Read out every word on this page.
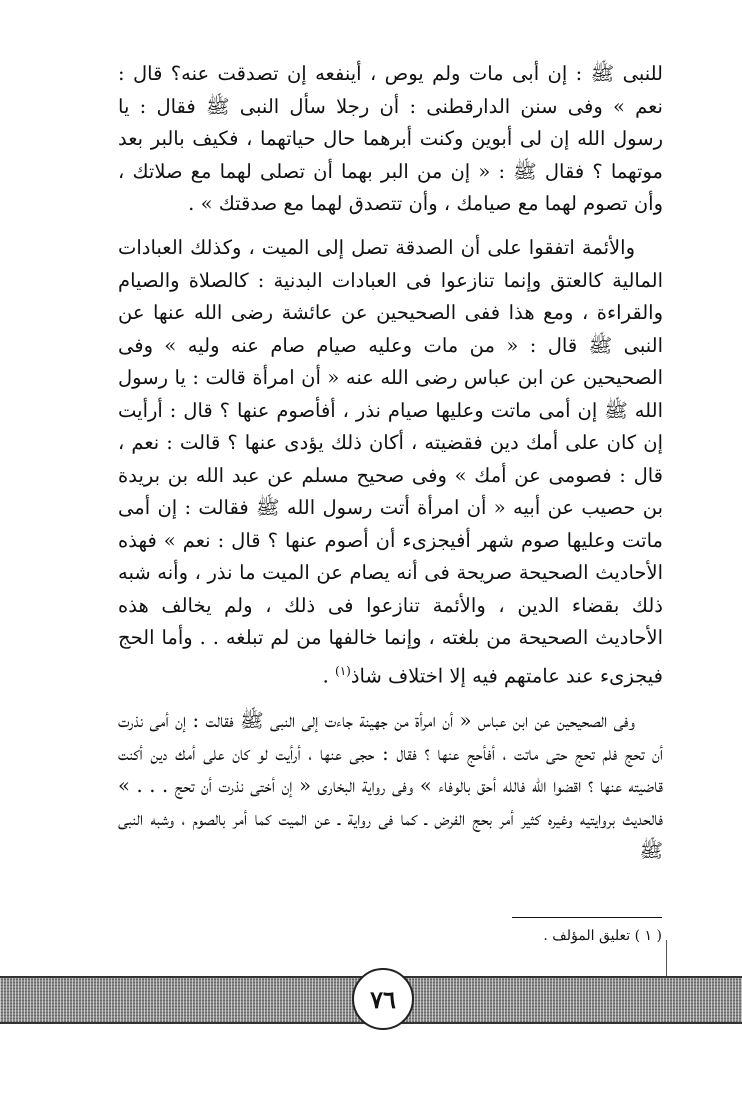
للنبى ﷺ : إن أبى مات ولم يوص ، أينفعه إن تصدقت عنه؟ قال : نعم » وفى سنن الدارقطنى : أن رجلا سأل النبى ﷺ فقال : يا رسول الله إن لى أبوين وكنت أبرهما حال حياتهما ، فكيف بالبر بعد موتهما ؟ فقال ﷺ : « إن من البر بهما أن تصلى لهما مع صلاتك ، وأن تصوم لهما مع صيامك ، وأن تتصدق لهما مع صدقتك » .

والأئمة اتفقوا على أن الصدقة تصل إلى الميت ، وكذلك العبادات المالية كالعتق وإنما تنازعوا فى العبادات البدنية : كالصلاة والصيام والقراءة ، ومع هذا ففى الصحيحين عن عائشة رضى الله عنها عن النبى ﷺ قال : « من مات وعليه صيام صام عنه وليه » وفى الصحيحين عن ابن عباس رضى الله عنه « أن امرأة قالت : يا رسول الله ﷺ إن أمى ماتت وعليها صيام نذر ، أفأصوم عنها ؟ قال : أرأيت إن كان على أمك دين فقضيته ، أكان ذلك يؤدى عنها ؟ قالت : نعم ، قال : فصومى عن أمك » وفى صحيح مسلم عن عبد الله بن بريدة بن حصيب عن أبيه « أن امرأة أتت رسول الله ﷺ فقالت : إن أمى ماتت وعليها صوم شهر أفيجزىء أن أصوم عنها ؟ قال : نعم » فهذه الأحاديث الصحيحة صريحة فى أنه يصام عن الميت ما نذر ، وأنه شبه ذلك بقضاء الدين ، والأئمة تنازعوا فى ذلك ، ولم يخالف هذه الأحاديث الصحيحة من بلغته ، وإنما خالفها من لم تبلغه . . وأما الحج فيجزىء عند عامتهم فيه إلا اختلاف شاذ$^{(١)}$ .

وفى الصحيحين عن ابن عباس « أن امرأة من جهينة جاءت إلى النبى ﷺ فقالت : إن أمى نذرت أن تحج فلم تحج حتى ماتت ، أفأحج عنها ؟ فقال : حجى عنها ، أرأيت لو كان على أمك دين أكنت قاضيته عنها ؟ اقضوا الله فالله أحق بالوفاء » وفى رواية البخارى « إن أختى نذرت أن تحج . . . » فالحديث بروايتيه وغيره كثير أمر بحج الفرض ـ كما فى رواية ـ عن الميت كما أمر بالصوم ، وشبه النبى ﷺ

( ١ ) تعليق المؤلف .
٧٦
